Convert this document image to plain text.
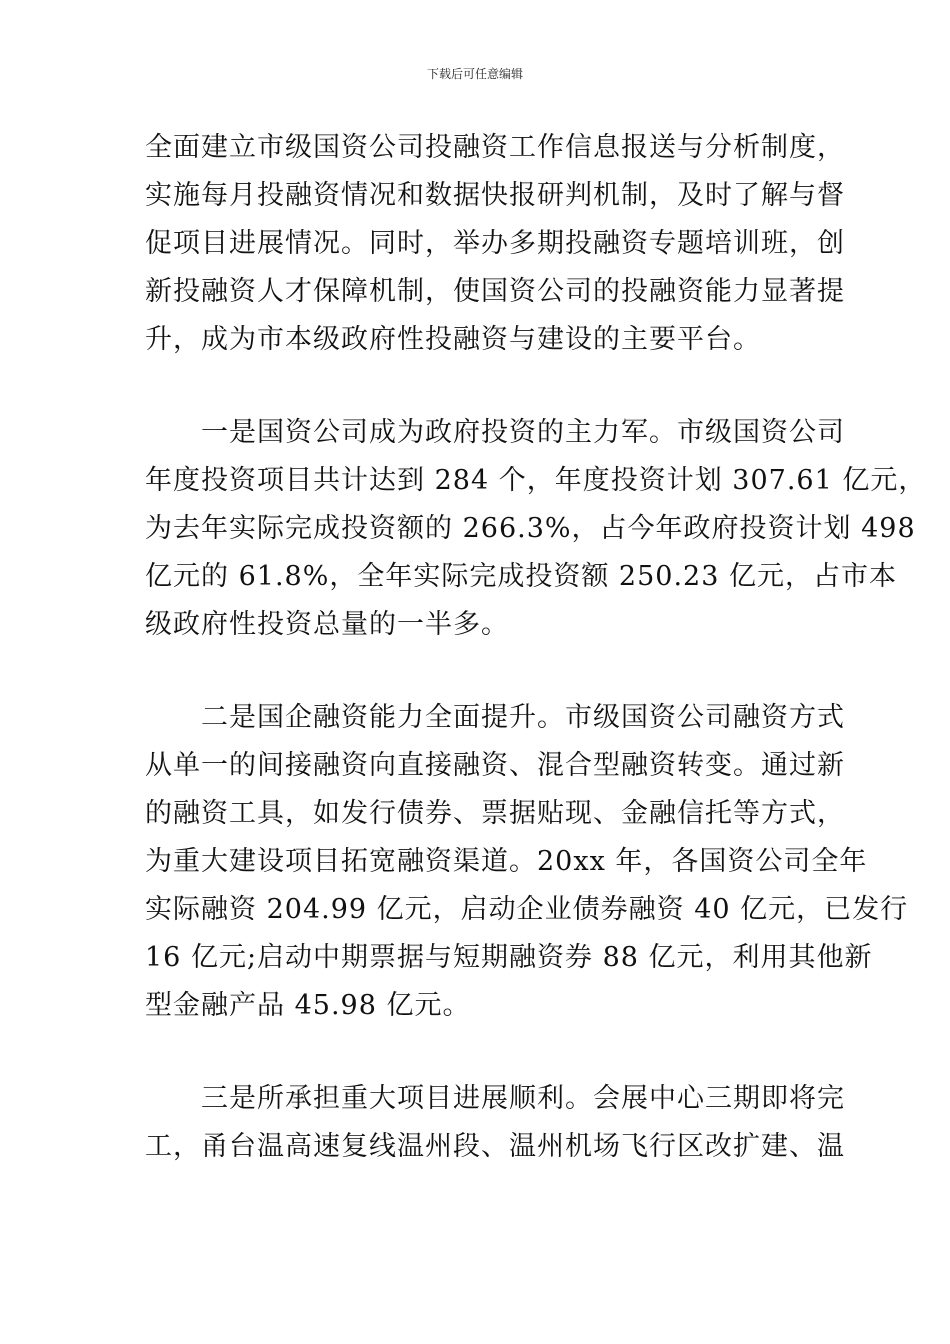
下载后可任意编辑

全面建立市级国资公司投融资工作信息报送与分析制度，
实施每月投融资情况和数据快报研判机制，及时了解与督
促项目进展情况。同时，举办多期投融资专题培训班，创
新投融资人才保障机制，使国资公司的投融资能力显著提
升，成为市本级政府性投融资与建设的主要平台。

　　一是国资公司成为政府投资的主力军。市级国资公司
年度投资项目共计达到 284 个，年度投资计划 307.61 亿元，
为去年实际完成投资额的 266.3%，占今年政府投资计划 498
亿元的 61.8%，全年实际完成投资额 250.23 亿元，占市本
级政府性投资总量的一半多。

　　二是国企融资能力全面提升。市级国资公司融资方式
从单一的间接融资向直接融资、混合型融资转变。通过新
的融资工具，如发行债券、票据贴现、金融信托等方式，
为重大建设项目拓宽融资渠道。20xx 年，各国资公司全年
实际融资 204.99 亿元，启动企业债券融资 40 亿元，已发行
16 亿元;启动中期票据与短期融资券 88 亿元，利用其他新
型金融产品 45.98 亿元。

　　三是所承担重大项目进展顺利。会展中心三期即将完
工，甬台温高速复线温州段、温州机场飞行区改扩建、温
